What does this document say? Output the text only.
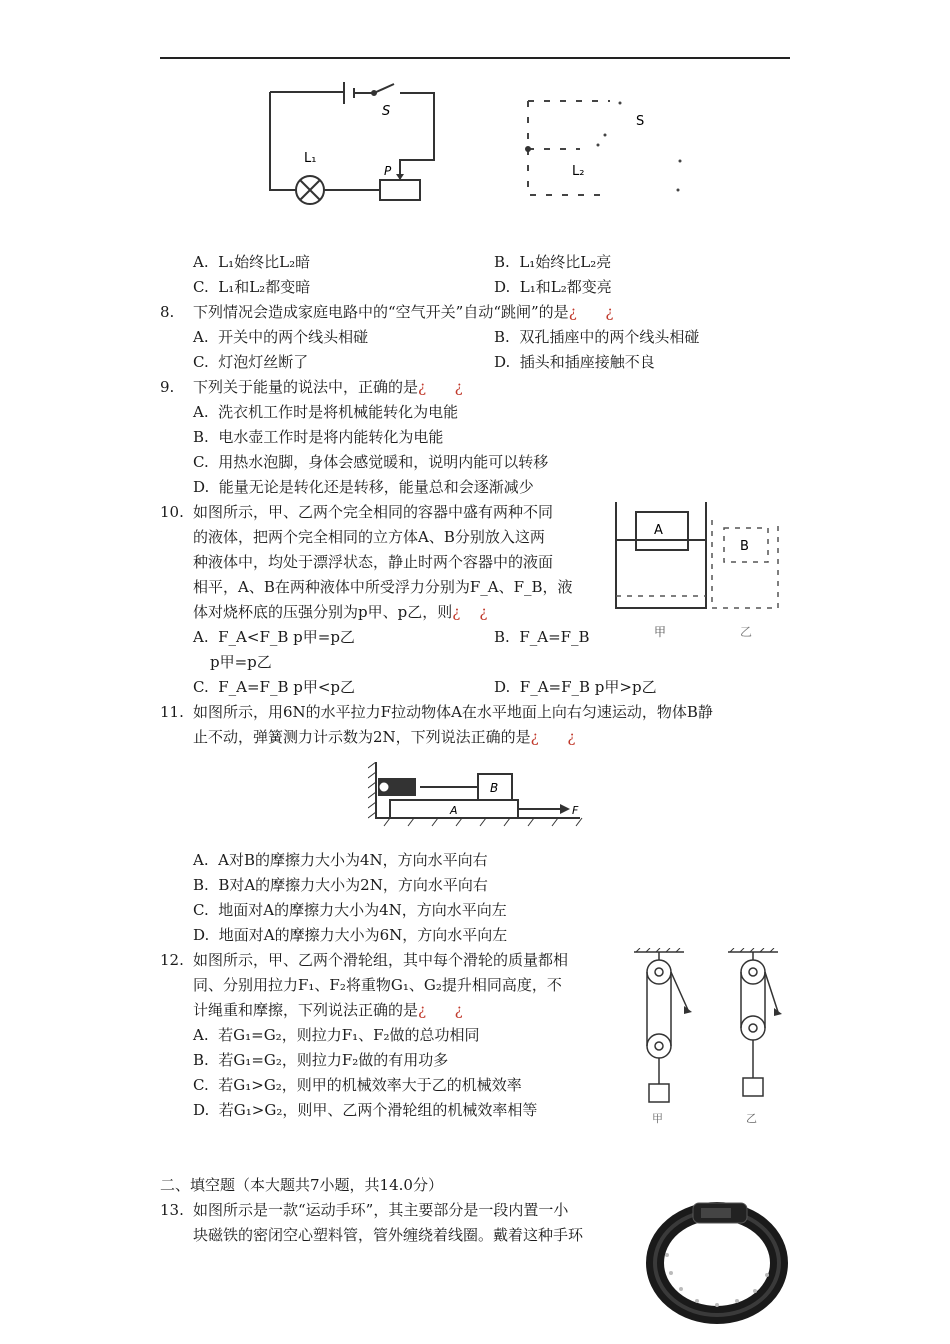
S
L₁
P
S
L₂
A.  L₁始终比L₂暗	B.  L₁始终比L₂亮
C.  L₁和L₂都变暗	D.  L₁和L₂都变亮
8. 下列情况会造成家庭电路中的“空气开关”自动“跳闸”的是¿ ¿
A.  开关中的两个线头相碰	B.  双孔插座中的两个线头相碰
C.  灯泡灯丝断了	D.  插头和插座接触不良
9. 下列关于能量的说法中，正确的是¿ ¿
A.  洗衣机工作时是将机械能转化为电能
B.  电水壶工作时是将内能转化为电能
C.  用热水泡脚，身体会感觉暖和，说明内能可以转移
D.  能量无论是转化还是转移，能量总和会逐渐减少
10. 如图所示，甲、乙两个完全相同的容器中盛有两种不同
的液体，把两个完全相同的立方体A、B分别放入这两
种液体中，均处于漂浮状态，静止时两个容器中的液面
相平，A、B在两种液体中所受浮力分别为F_A、F_B，液
体对烧杯底的压强分别为p甲、p乙，则¿ ¿
A.  F_A<F_B p甲=p乙	B.  F_A=F_B
p甲=p乙
C.  F_A=F_B p甲<p乙	D.  F_A=F_B p甲>p乙
A
B
甲	乙
11. 如图所示，用6N的水平拉力F拉动物体A在水平地面上向右匀速运动，物体B静
止不动，弹簧测力计示数为2N，下列说法正确的是¿ ¿
B
A	F
A.  A对B的摩擦力大小为4N，方向水平向右
B.  B对A的摩擦力大小为2N，方向水平向右
C.  地面对A的摩擦力大小为4N，方向水平向左
D.  地面对A的摩擦力大小为6N，方向水平向左
12. 如图所示，甲、乙两个滑轮组，其中每个滑轮的质量都相
同、分别用拉力F₁、F₂将重物G₁、G₂提升相同高度，不
计绳重和摩擦，下列说法正确的是¿ ¿
A.  若G₁=G₂，则拉力F₁、F₂做的总功相同
B.  若G₁=G₂，则拉力F₂做的有用功多
C.  若G₁>G₂，则甲的机械效率大于乙的机械效率
D.  若G₁>G₂，则甲、乙两个滑轮组的机械效率相等	甲	乙
二、填空题（本大题共7小题，共14.0分）
13. 如图所示是一款“运动手环”，其主要部分是一段内置一小
块磁铁的密闭空心塑料管，管外缠绕着线圈。戴着这种手环
